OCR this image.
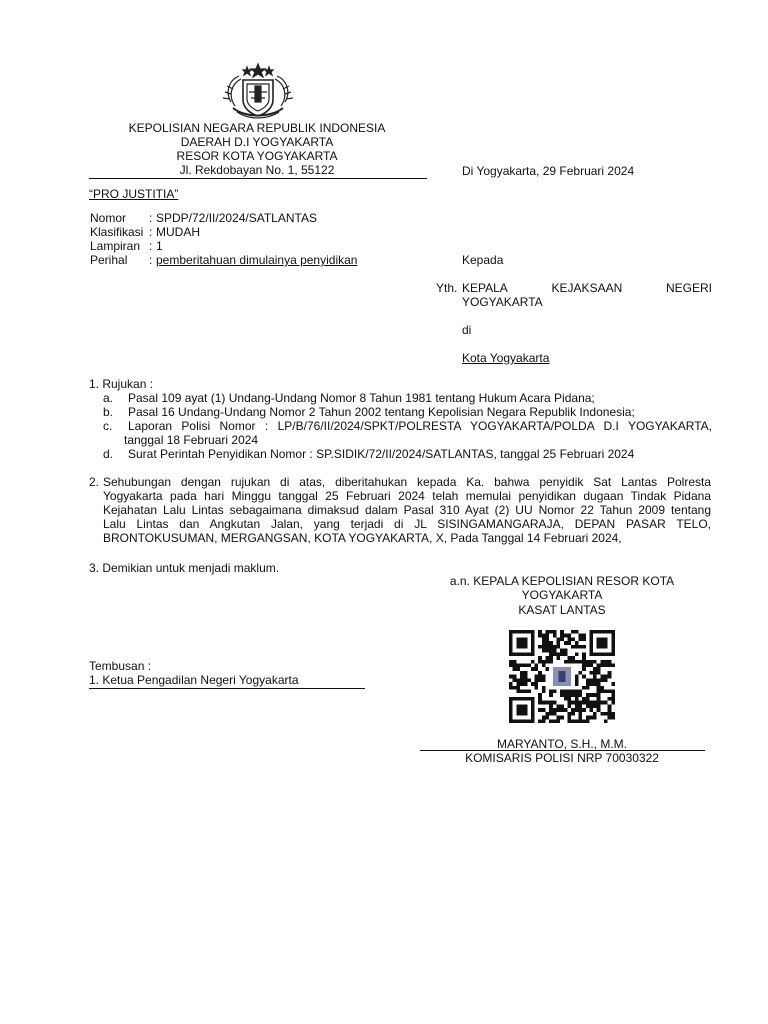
KEPOLISIAN NEGARA REPUBLIK INDONESIA
DAERAH D.I YOGYAKARTA
RESOR KOTA YOGYAKARTA
Jl. Rekdobayan No. 1, 55122	Di Yogyakarta, 29 Februari 2024
“PRO JUSTITIA”
Nomor	: SPDP/72/II/2024/SATLANTAS
Klasifikasi : MUDAH
Lampiran : 1
Perihal	: pemberitahuan dimulainya penyidikan	Kepada
Yth. KEPALA	KEJAKSAAN	NEGERI
YOGYAKARTA
di
Kota Yogyakarta
1. Rujukan :
a.	Pasal 109 ayat (1) Undang-Undang Nomor 8 Tahun 1981 tentang Hukum Acara Pidana;
b.	Pasal 16 Undang-Undang Nomor 2 Tahun 2002 tentang Kepolisian Negara Republik Indonesia;
c.	Laporan Polisi Nomor : LP/B/76/II/2024/SPKT/POLRESTA YOGYAKARTA/POLDA D.I YOGYAKARTA,
tanggal 18 Februari 2024
d.	Surat Perintah Penyidikan Nomor : SP.SIDIK/72/II/2024/SATLANTAS, tanggal 25 Februari 2024
2. Sehubungan dengan rujukan di atas, diberitahukan kepada Ka. bahwa penyidik Sat Lantas Polresta
Yogyakarta pada hari Minggu tanggal 25 Februari 2024 telah memulai penyidikan dugaan Tindak Pidana
Kejahatan Lalu Lintas sebagaimana dimaksud dalam Pasal 310 Ayat (2) UU Nomor 22 Tahun 2009 tentang
Lalu Lintas dan Angkutan Jalan, yang terjadi di JL SISINGAMANGARAJA, DEPAN PASAR TELO,
BRONTOKUSUMAN, MERGANGSAN, KOTA YOGYAKARTA, X, Pada Tanggal 14 Februari 2024,
3. Demikian untuk menjadi maklum.
a.n. KEPALA KEPOLISIAN RESOR KOTA
YOGYAKARTA
KASAT LANTAS
MARYANTO, S.H., M.M.
KOMISARIS POLISI NRP 70030322
Tembusan :
1. Ketua Pengadilan Negeri Yogyakarta
